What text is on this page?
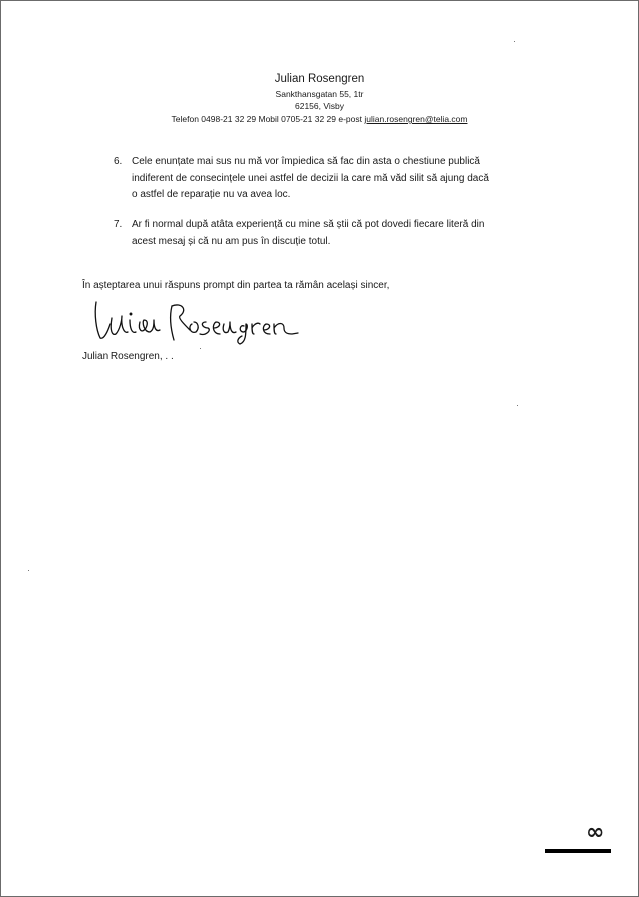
Julian Rosengren
Sankthansgatan 55, 1tr
62156, Visby
Telefon 0498-21 32 29 Mobil 0705-21 32 29 e-post julian.rosengren@telia.com
6. Cele enunțate mai sus nu mă vor împiedica să fac din asta o chestiune publică
indiferent de consecințele unei astfel de decizii la care mă văd silit să ajung dacă
o astfel de reparație nu va avea loc.
7. Ar fi normal după atâta experiență cu mine să știi că pot dovedi fiecare literă din
acest mesaj și că nu am pus în discuție totul.
În așteptarea unui răspuns prompt din partea ta rămân același sincer,
Julian Rosengren, . .
∞
